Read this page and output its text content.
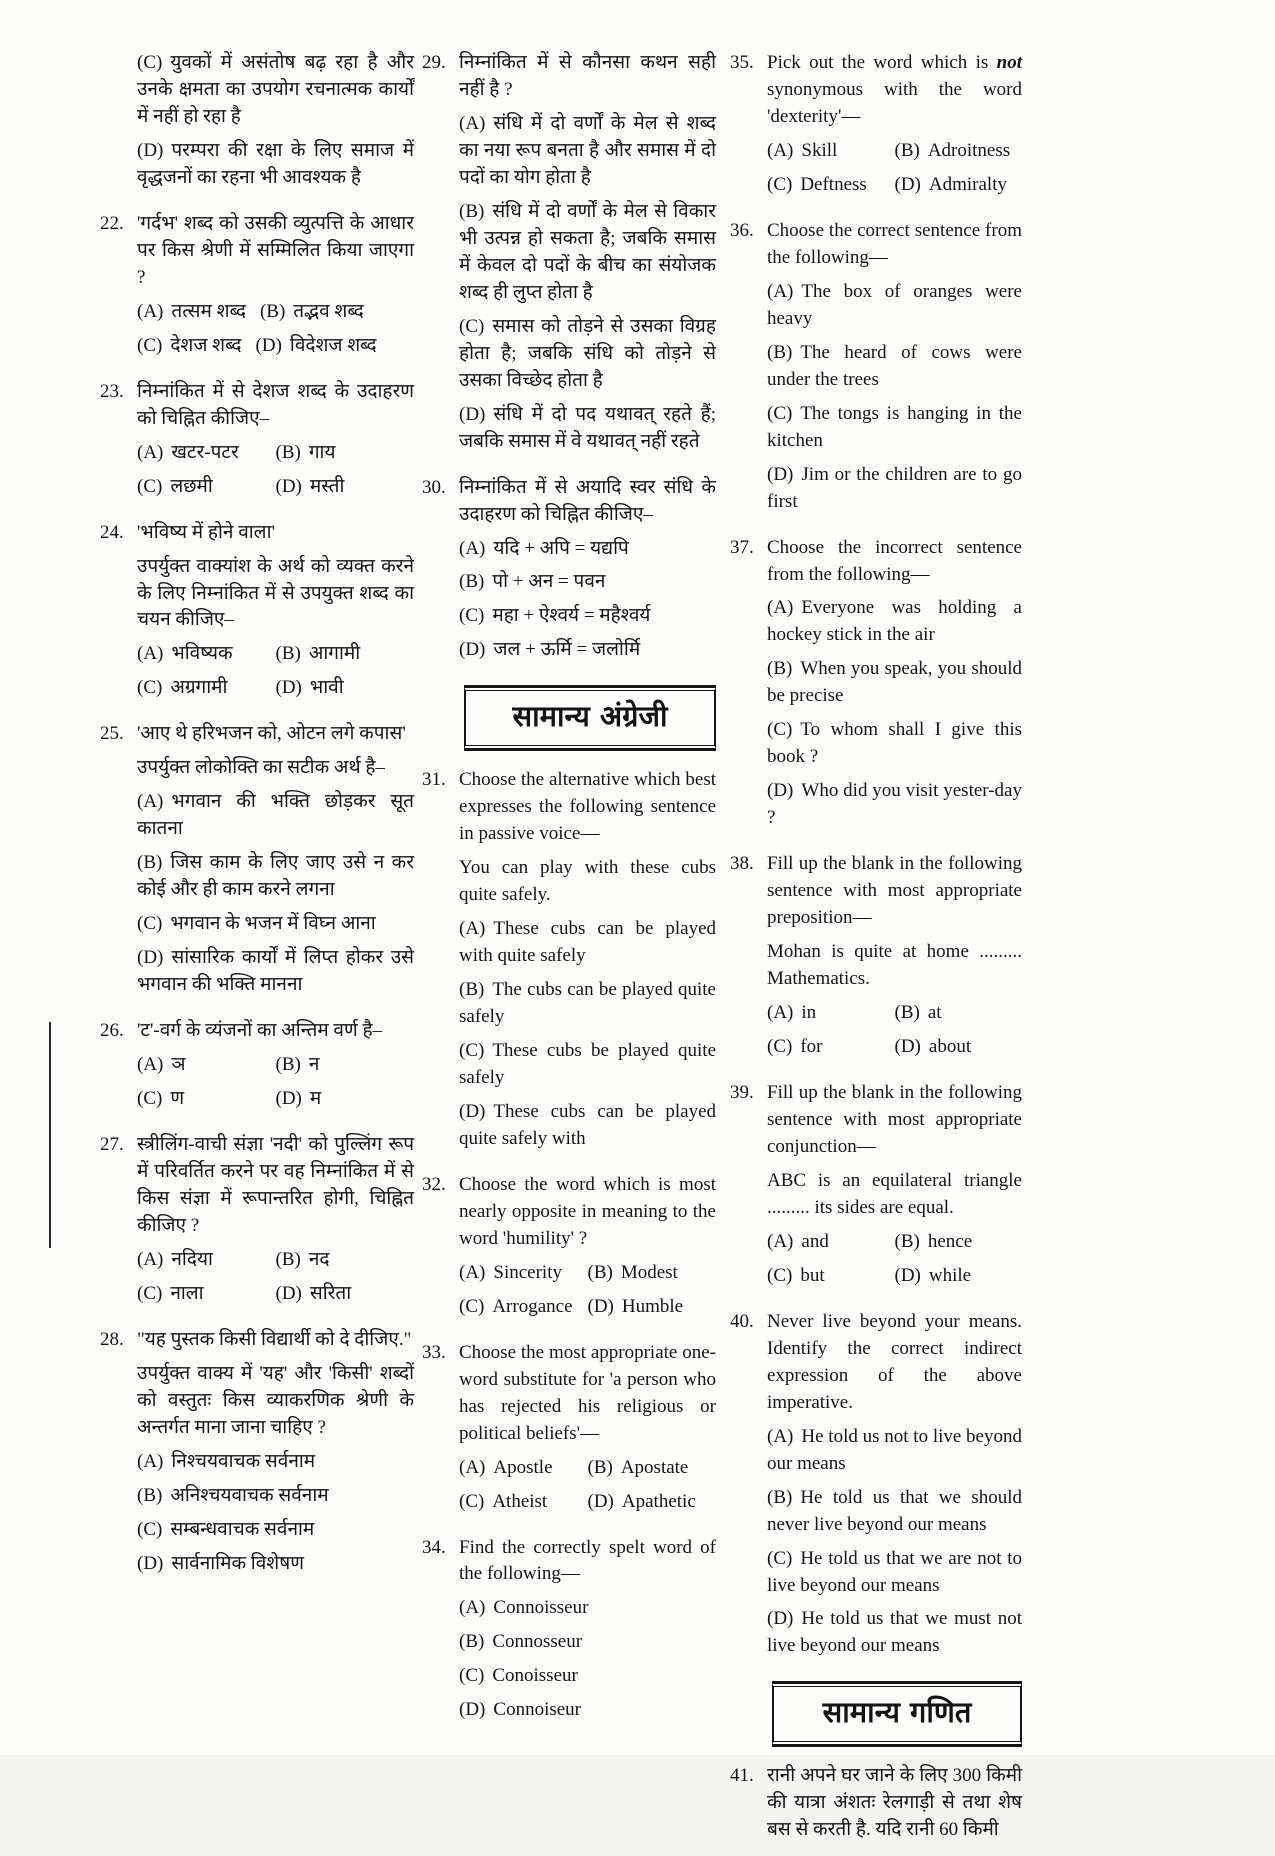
(C) युवकों में असंतोष बढ़ रहा है और उनके क्षमता का उपयोग रचनात्मक कार्यों में नहीं हो रहा है
(D) परम्परा की रक्षा के लिए समाज में वृद्धजनों का रहना भी आवश्यक है
22. 'गर्दभ' शब्द को उसकी व्युत्पत्ति के आधार पर किस श्रेणी में सम्मिलित किया जाएगा ?
(A) तत्सम शब्द (B) तद्भव शब्द
(C) देशज शब्द (D) विदेशज शब्द
23. निम्नांकित में से देशज शब्द के उदाहरण को चिह्नित कीजिए–
(A) खटर-पटर	(B) गाय
(C) लछमी	(D) मस्ती
24. 'भविष्य में होने वाला'
उपर्युक्त वाक्यांश के अर्थ को व्यक्त करने के लिए निम्नांकित में से उपयुक्त शब्द का चयन कीजिए–
(A) भविष्यक	(B) आगामी
(C) अग्रगामी	(D) भावी
25. 'आए थे हरिभजन को, ओटन लगे कपास'
उपर्युक्त लोकोक्ति का सटीक अर्थ है–
(A) भगवान की भक्ति छोड़कर सूत कातना
(B) जिस काम के लिए जाए उसे न कर कोई और ही काम करने लगना
(C) भगवान के भजन में विघ्न आना
(D) सांसारिक कार्यों में लिप्त होकर उसे भगवान की भक्ति मानना
26. 'ट'-वर्ग के व्यंजनों का अन्तिम वर्ण है–
(A) ञ	(B) न
(C) ण	(D) म
27. स्त्रीलिंग-वाची संज्ञा 'नदी' को पुल्लिंग रूप में परिवर्तित करने पर वह निम्नांकित में से किस संज्ञा में रूपान्तरित होगी, चिह्नित कीजिए ?
(A) नदिया	(B) नद
(C) नाला	(D) सरिता
28. "यह पुस्तक किसी विद्यार्थी को दे दीजिए."
उपर्युक्त वाक्य में 'यह' और 'किसी' शब्दों को वस्तुतः किस व्याकरणिक श्रेणी के अन्तर्गत माना जाना चाहिए ?
(A) निश्चयवाचक सर्वनाम
(B) अनिश्चयवाचक सर्वनाम
(C) सम्बन्धवाचक सर्वनाम
(D) सार्वनामिक विशेषण
29. निम्नांकित में से कौनसा कथन सही नहीं है ?
(A) संधि में दो वर्णों के मेल से शब्द का नया रूप बनता है और समास में दो पदों का योग होता है
(B) संधि में दो वर्णों के मेल से विकार भी उत्पन्न हो सकता है; जबकि समास में केवल दो पदों के बीच का संयोजक शब्द ही लुप्त होता है
(C) समास को तोड़ने से उसका विग्रह होता है; जबकि संधि को तोड़ने से उसका विच्छेद होता है
(D) संधि में दो पद यथावत् रहते हैं; जबकि समास में वे यथावत् नहीं रहते
30. निम्नांकित में से अयादि स्वर संधि के उदाहरण को चिह्नित कीजिए–
(A) यदि + अपि = यद्यपि
(B) पो + अन = पवन
(C) महा + ऐश्वर्य = महैश्वर्य
(D) जल + ऊर्मि = जलोर्मि
सामान्य अंग्रेजी
31. Choose the alternative which best expresses the following sentence in passive voice—
You can play with these cubs quite safely.
(A) These cubs can be played with quite safely
(B) The cubs can be played quite safely
(C) These cubs be played quite safely
(D) These cubs can be played quite safely with
32. Choose the word which is most nearly opposite in meaning to the word 'humility' ?
(A) Sincerity	(B) Modest
(C) Arrogance (D) Humble
33. Choose the most appropriate one-word substitute for 'a person who has rejected his religious or political beliefs'—
(A) Apostle	(B) Apostate
(C) Atheist	(D) Apathetic
34. Find the correctly spelt word of the following—
(A) Connoisseur
(B) Connosseur
(C) Conoisseur
(D) Connoiseur
35. Pick out the word which is not synonymous with the word 'dexterity'—
(A) Skill	(B) Adroitness
(C) Deftness	(D) Admiralty
36. Choose the correct sentence from the following—
(A) The box of oranges were heavy
(B) The heard of cows were under the trees
(C) The tongs is hanging in the kitchen
(D) Jim or the children are to go first
37. Choose the incorrect sentence from the following—
(A) Everyone was holding a hockey stick in the air
(B) When you speak, you should be precise
(C) To whom shall I give this book ?
(D) Who did you visit yester-day ?
38. Fill up the blank in the following sentence with most appropriate preposition—
Mohan is quite at home ......... Mathematics.
(A) in	(B) at
(C) for	(D) about
39. Fill up the blank in the following sentence with most appropriate conjunction—
ABC is an equilateral triangle ......... its sides are equal.
(A) and	(B) hence
(C) but	(D) while
40. Never live beyond your means. Identify the correct indirect expression of the above imperative.
(A) He told us not to live beyond our means
(B) He told us that we should never live beyond our means
(C) He told us that we are not to live beyond our means
(D) He told us that we must not live beyond our means
सामान्य गणित
41. रानी अपने घर जाने के लिए 300 किमी की यात्रा अंशतः रेलगाड़ी से तथा शेष बस से करती है. यदि रानी 60 किमी
